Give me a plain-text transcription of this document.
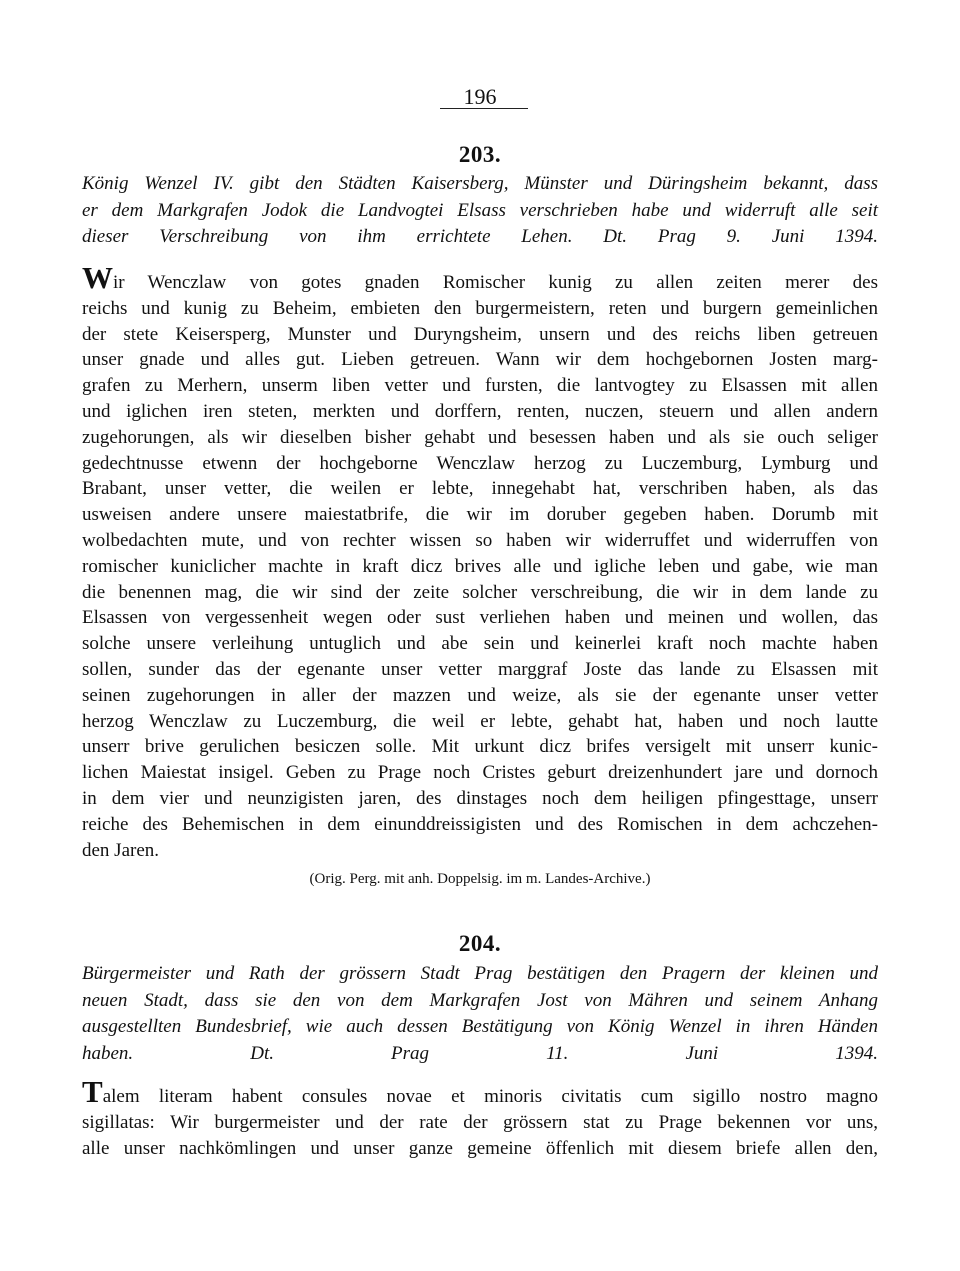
196
203.
König Wenzel IV. gibt den Städten Kaisersberg, Münster und Düringsheim bekannt, dass
er dem Markgrafen Jodok die Landvogtei Elsass verschrieben habe und widerruft alle seit
dieser Verschreibung von ihm errichtete Lehen. Dt. Prag 9. Juni 1394.
Wir Wenczlaw von gotes gnaden Romischer kunig zu allen zeiten merer des
reichs und kunig zu Beheim, embieten den burgermeistern, reten und burgern gemeinlichen
der stete Keisersperg, Munster und Duryngsheim, unsern und des reichs liben getreuen
unser gnade und alles gut. Lieben getreuen. Wann wir dem hochgebornen Josten marg-
grafen zu Merhern, unserm liben vetter und fursten, die lantvogtey zu Elsassen mit allen
und iglichen iren steten, merkten und dorffern, renten, nuczen, steuern und allen andern
zugehorungen, als wir dieselben bisher gehabt und besessen haben und als sie ouch seliger
gedechtnusse etwenn der hochgeborne Wenczlaw herzog zu Luczemburg, Lymburg und
Brabant, unser vetter, die weilen er lebte, innegehabt hat, verschriben haben, als das
usweisen andere unsere maiestatbrife, die wir im doruber gegeben haben. Dorumb mit
wolbedachten mute, und von rechter wissen so haben wir widerruffet und widerruffen von
romischer kuniclicher machte in kraft dicz brives alle und igliche leben und gabe, wie man
die benennen mag, die wir sind der zeite solcher verschreibung, die wir in dem lande zu
Elsassen von vergessenheit wegen oder sust verliehen haben und meinen und wollen, das
solche unsere verleihung untuglich und abe sein und keinerlei kraft noch machte haben
sollen, sunder das der egenante unser vetter marggraf Joste das lande zu Elsassen mit
seinen zugehorungen in aller der mazzen und weize, als sie der egenante unser vetter
herzog Wenczlaw zu Luczemburg, die weil er lebte, gehabt hat, haben und noch lautte
unserr brive gerulichen besiczen solle. Mit urkunt dicz brifes versigelt mit unserr kunic-
lichen Maiestat insigel. Geben zu Prage noch Cristes geburt dreizenhundert jare und dornoch
in dem vier und neunzigisten jaren, des dinstages noch dem heiligen pfingesttage, unserr
reiche des Behemischen in dem einunddreissigisten und des Romischen in dem achczehen-
den Jaren.
(Orig. Perg. mit anh. Doppelsig. im m. Landes-Archive.)
204.
Bürgermeister und Rath der grössern Stadt Prag bestätigen den Pragern der kleinen und
neuen Stadt, dass sie den von dem Markgrafen Jost von Mähren und seinem Anhang
ausgestellten Bundesbrief, wie auch dessen Bestätigung von König Wenzel in ihren Händen
haben. Dt. Prag 11. Juni 1394.
Talem literam habent consules novae et minoris civitatis cum sigillo nostro magno
sigillatas: Wir burgermeister und der rate der grössern stat zu Prage bekennen vor uns,
alle unser nachkömlingen und unser ganze gemeine öffenlich mit diesem briefe allen den,
